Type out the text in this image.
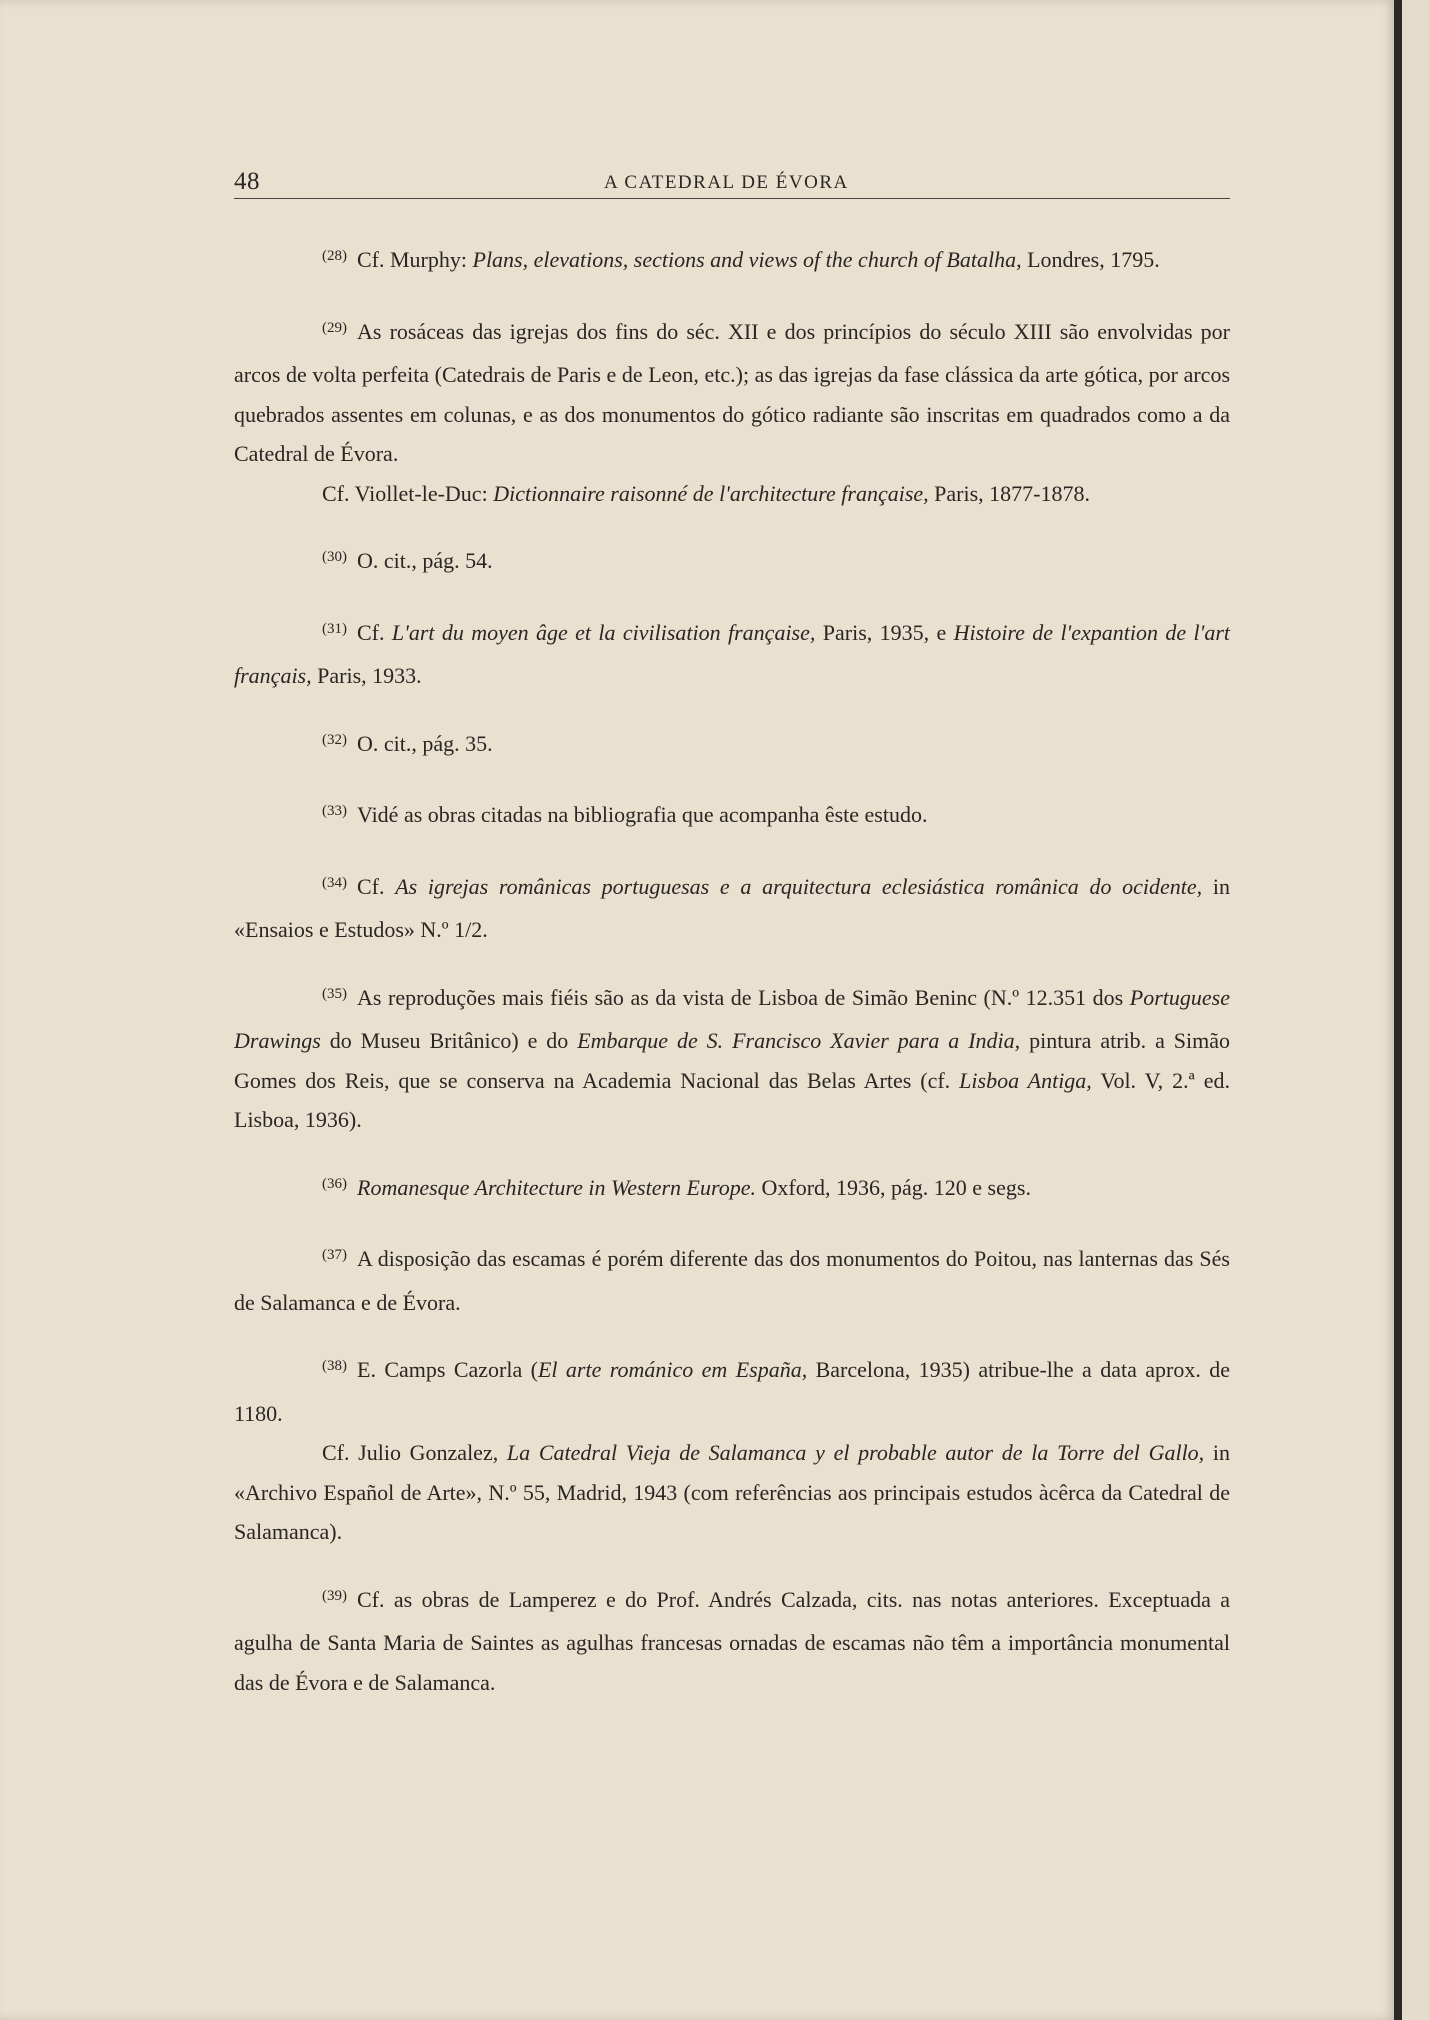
48	A CATEDRAL DE ÉVORA

$^{(28)}$ Cf. Murphy: Plans, elevations, sections and views of the church of Batalha, Londres, 1795.

$^{(29)}$ As rosáceas das igrejas dos fins do séc. XII e dos princípios do século XIII são envolvidas por arcos de volta perfeita (Catedrais de Paris e de Leon, etc.); as das igrejas da fase clássica da arte gótica, por arcos quebrados assentes em colunas, e as dos monumentos do gótico radiante são inscritas em quadrados como a da Catedral de Évora.

Cf. Viollet-le-Duc: Dictionnaire raisonné de l'architecture française, Paris, 1877-1878.

$^{(30)}$ O. cit., pág. 54.

$^{(31)}$ Cf. L'art du moyen âge et la civilisation française, Paris, 1935, e Histoire de l'expantion de l'art français, Paris, 1933.

$^{(32)}$ O. cit., pág. 35.

$^{(33)}$ Vidé as obras citadas na bibliografia que acompanha êste estudo.

$^{(34)}$ Cf. As igrejas românicas portuguesas e a arquitectura eclesiástica românica do ocidente, in «Ensaios e Estudos» N.º 1/2.

$^{(35)}$ As reproduções mais fiéis são as da vista de Lisboa de Simão Beninc (N.º 12.351 dos Portuguese Drawings do Museu Britânico) e do Embarque de S. Francisco Xavier para a India, pintura atrib. a Simão Gomes dos Reis, que se conserva na Academia Nacional das Belas Artes (cf. Lisboa Antiga, Vol. V, 2.ª ed. Lisboa, 1936).

$^{(36)}$ Romanesque Architecture in Western Europe. Oxford, 1936, pág. 120 e segs.

$^{(37)}$ A disposição das escamas é porém diferente das dos monumentos do Poitou, nas lanternas das Sés de Salamanca e de Évora.

$^{(38)}$ E. Camps Cazorla (El arte románico em España, Barcelona, 1935) atribue-lhe a data aprox. de 1180.

Cf. Julio Gonzalez, La Catedral Vieja de Salamanca y el probable autor de la Torre del Gallo, in «Archivo Español de Arte», N.º 55, Madrid, 1943 (com referências aos principais estudos àcêrca da Catedral de Salamanca).

$^{(39)}$ Cf. as obras de Lamperez e do Prof. Andrés Calzada, cits. nas notas anteriores. Exceptuada a agulha de Santa Maria de Saintes as agulhas francesas ornadas de escamas não têm a importância monumental das de Évora e de Salamanca.
